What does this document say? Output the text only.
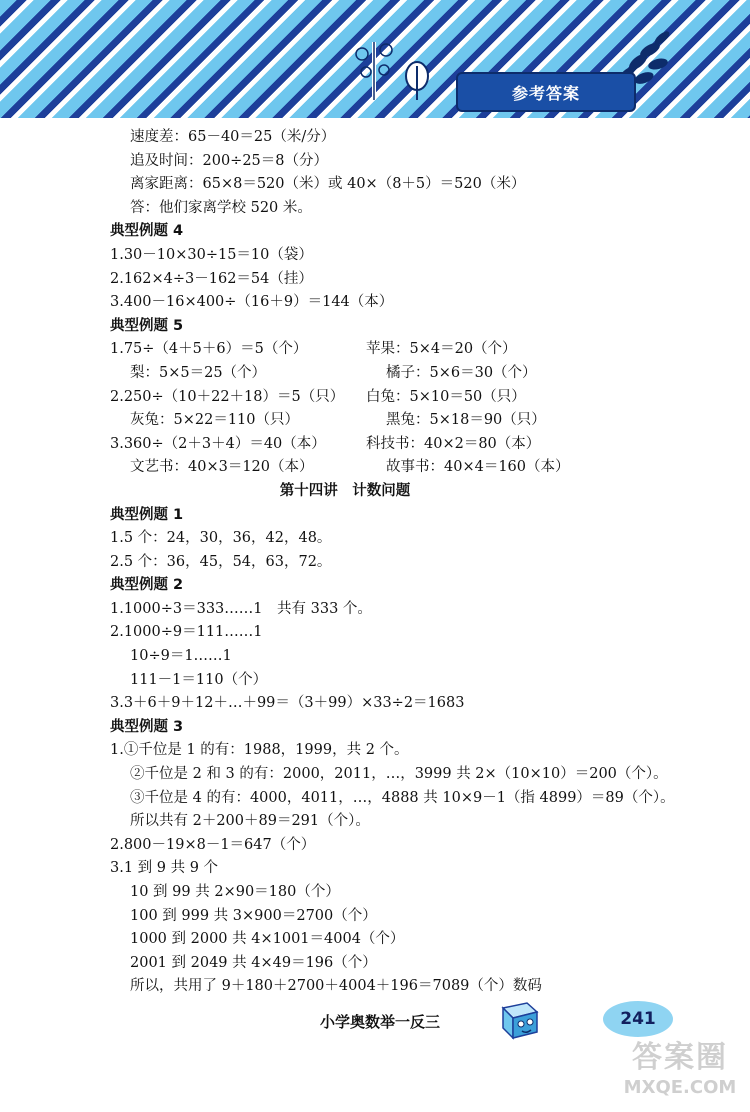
参考答案
速度差：65－40＝25（米/分）
追及时间：200÷25＝8（分）
离家距离：65×8＝520（米）或 40×（8＋5）＝520（米）
答：他们家离学校 520 米。
典型例题 4
1.30－10×30÷15＝10（袋）
2.162×4÷3－162＝54（挂）
3.400－16×400÷（16＋9）＝144（本）
典型例题 5
1.75÷（4＋5＋6）＝5（个）	苹果：5×4＝20（个）
梨：5×5＝25（个）	橘子：5×6＝30（个）
2.250÷（10＋22＋18）＝5（只）	白兔：5×10＝50（只）
灰兔：5×22＝110（只）	黑兔：5×18＝90（只）
3.360÷（2＋3＋4）＝40（本）	科技书：40×2＝80（本）
文艺书：40×3＝120（本）	故事书：40×4＝160（本）
第十四讲　计数问题
典型例题 1
1.5 个：24，30，36，42，48。
2.5 个：36，45，54，63，72。
典型例题 2
1.1000÷3＝333……1　共有 333 个。
2.1000÷9＝111……1
10÷9＝1……1
111－1＝110（个）
3.3＋6＋9＋12＋…＋99＝（3＋99）×33÷2＝1683
典型例题 3
1.①千位是 1 的有：1988，1999，共 2 个。
②千位是 2 和 3 的有：2000，2011，…，3999 共 2×（10×10）＝200（个）。
③千位是 4 的有：4000，4011，…，4888 共 10×9－1（指 4899）＝89（个）。
所以共有 2＋200＋89＝291（个）。
2.800－19×8－1＝647（个）
3.1 到 9 共 9 个
10 到 99 共 2×90＝180（个）
100 到 999 共 3×900＝2700（个）
1000 到 2000 共 4×1001＝4004（个）
2001 到 2049 共 4×49＝196（个）
所以，共用了 9＋180＋2700＋4004＋196＝7089（个）数码
小学奥数举一反三	241
答案圈
MXQE.COM
